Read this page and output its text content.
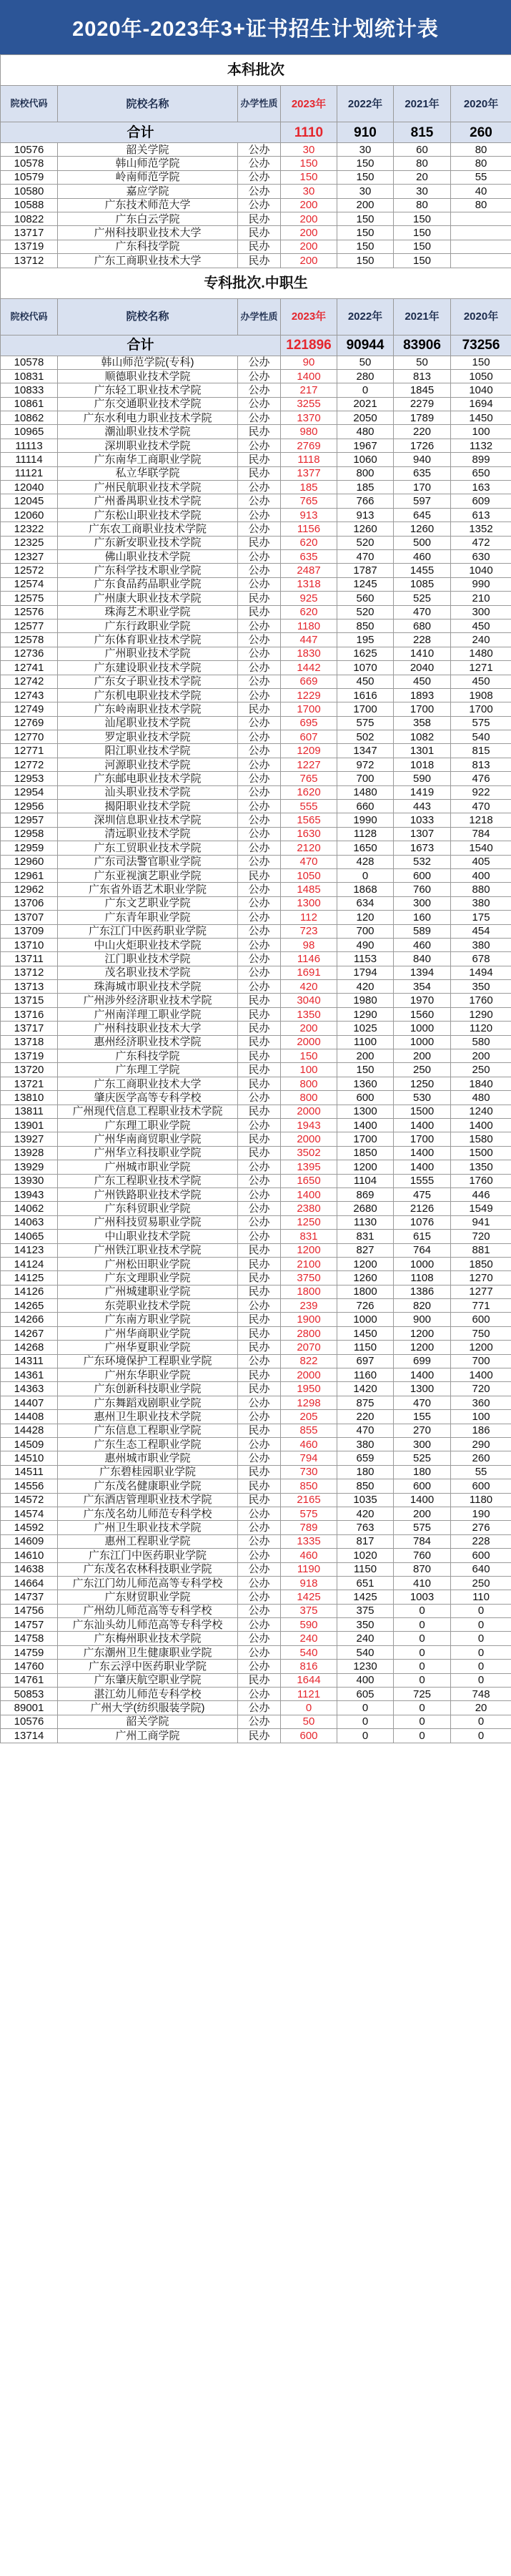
2020年-2023年3+证书招生计划统计表
本科批次						

院校代码	院校名称	办学性质	2023年	2022年	2021年	2020年
合计			1110	910	815	260
10576	韶关学院	公办	30	30	60	80
10578	韩山师范学院	公办	150	150	80	80
10579	岭南师范学院	公办	150	150	20	55
10580	嘉应学院	公办	30	30	30	40
10588	广东技术师范大学	公办	200	200	80	80
10822	广东白云学院	民办	200	150	150	
13717	广州科技职业技术大学	民办	200	150	150	
13719	广东科技学院	民办	200	150	150	
13712	广东工商职业技术大学	民办	200	150	150	
专科批次.中职生						

院校代码	院校名称	办学性质	2023年	2022年	2021年	2020年
合计			121896	90944	83906	73256
10578	韩山师范学院(专科)	公办	90	50	50	150
10831	顺德职业技术学院	公办	1400	280	813	1050
10833	广东轻工职业技术学院	公办	217	0	1845	1040
10861	广东交通职业技术学院	公办	3255	2021	2279	1694
10862	广东水利电力职业技术学院	公办	1370	2050	1789	1450
10965	潮汕职业技术学院	民办	980	480	220	100
11113	深圳职业技术学院	公办	2769	1967	1726	1132
11114	广东南华工商职业学院	民办	1118	1060	940	899
11121	私立华联学院	民办	1377	800	635	650
12040	广州民航职业技术学院	公办	185	185	170	163
12045	广州番禺职业技术学院	公办	765	766	597	609
12060	广东松山职业技术学院	公办	913	913	645	613
12322	广东农工商职业技术学院	公办	1156	1260	1260	1352
12325	广东新安职业技术学院	民办	620	520	500	472
12327	佛山职业技术学院	公办	635	470	460	630
12572	广东科学技术职业学院	公办	2487	1787	1455	1040
12574	广东食品药品职业学院	公办	1318	1245	1085	990
12575	广州康大职业技术学院	民办	925	560	525	210
12576	珠海艺术职业学院	民办	620	520	470	300
12577	广东行政职业学院	公办	1180	850	680	450
12578	广东体育职业技术学院	公办	447	195	228	240
12736	广州职业技术学院	公办	1830	1625	1410	1480
12741	广东建设职业技术学院	公办	1442	1070	2040	1271
12742	广东女子职业技术学院	公办	669	450	450	450
12743	广东机电职业技术学院	公办	1229	1616	1893	1908
12749	广东岭南职业技术学院	民办	1700	1700	1700	1700
12769	汕尾职业技术学院	公办	695	575	358	575
12770	罗定职业技术学院	公办	607	502	1082	540
12771	阳江职业技术学院	公办	1209	1347	1301	815
12772	河源职业技术学院	公办	1227	972	1018	813
12953	广东邮电职业技术学院	公办	765	700	590	476
12954	汕头职业技术学院	公办	1620	1480	1419	922
12956	揭阳职业技术学院	公办	555	660	443	470
12957	深圳信息职业技术学院	公办	1565	1990	1033	1218
12958	清远职业技术学院	公办	1630	1128	1307	784
12959	广东工贸职业技术学院	公办	2120	1650	1673	1540
12960	广东司法警官职业学院	公办	470	428	532	405
12961	广东亚视演艺职业学院	民办	1050	0	600	400
12962	广东省外语艺术职业学院	公办	1485	1868	760	880
13706	广东文艺职业学院	公办	1300	634	300	380
13707	广东青年职业学院	公办	112	120	160	175
13709	广东江门中医药职业学院	公办	723	700	589	454
13710	中山火炬职业技术学院	公办	98	490	460	380
13711	江门职业技术学院	公办	1146	1153	840	678
13712	茂名职业技术学院	公办	1691	1794	1394	1494
13713	珠海城市职业技术学院	公办	420	420	354	350
13715	广州涉外经济职业技术学院	民办	3040	1980	1970	1760
13716	广州南洋理工职业学院	民办	1350	1290	1560	1290
13717	广州科技职业技术大学	民办	200	1025	1000	1120
13718	惠州经济职业技术学院	民办	2000	1100	1000	580
13719	广东科技学院	民办	150	200	200	200
13720	广东理工学院	民办	100	150	250	250
13721	广东工商职业技术大学	民办	800	1360	1250	1840
13810	肇庆医学高等专科学校	公办	800	600	530	480
13811	广州现代信息工程职业技术学院	民办	2000	1300	1500	1240
13901	广东理工职业学院	公办	1943	1400	1400	1400
13927	广州华南商贸职业学院	民办	2000	1700	1700	1580
13928	广州华立科技职业学院	民办	3502	1850	1400	1500
13929	广州城市职业学院	公办	1395	1200	1400	1350
13930	广东工程职业技术学院	公办	1650	1104	1555	1760
13943	广州铁路职业技术学院	公办	1400	869	475	446
14062	广东科贸职业学院	公办	2380	2680	2126	1549
14063	广州科技贸易职业学院	公办	1250	1130	1076	941
14065	中山职业技术学院	公办	831	831	615	720
14123	广州铁江职业技术学院	民办	1200	827	764	881
14124	广州松田职业学院	民办	2100	1200	1000	1850
14125	广东文理职业学院	民办	3750	1260	1108	1270
14126	广州城建职业学院	民办	1800	1800	1386	1277
14265	东莞职业技术学院	公办	239	726	820	771
14266	广东南方职业学院	民办	1900	1000	900	600
14267	广州华商职业学院	民办	2800	1450	1200	750
14268	广州华夏职业学院	民办	2070	1150	1200	1200
14311	广东环境保护工程职业学院	公办	822	697	699	700
14361	广州东华职业学院	民办	2000	1160	1400	1400
14363	广东创新科技职业学院	民办	1950	1420	1300	720
14407	广东舞蹈戏剧职业学院	公办	1298	875	470	360
14408	惠州卫生职业技术学院	公办	205	220	155	100
14428	广东信息工程职业学院	民办	855	470	270	186
14509	广东生态工程职业学院	公办	460	380	300	290
14510	惠州城市职业学院	公办	794	659	525	260
14511	广东碧桂园职业学院	民办	730	180	180	55
14556	广东茂名健康职业学院	民办	850	850	600	600
14572	广东酒店管理职业技术学院	民办	2165	1035	1400	1180
14574	广东茂名幼儿师范专科学校	公办	575	420	200	190
14592	广州卫生职业技术学院	公办	789	763	575	276
14609	惠州工程职业学院	公办	1335	817	784	228
14610	广东江门中医药职业学院	公办	460	1020	760	600
14638	广东茂名农林科技职业学院	公办	1190	1150	870	640
14664	广东江门幼儿师范高等专科学校	公办	918	651	410	250
14737	广东财贸职业学院	公办	1425	1425	1003	110
14756	广州幼儿师范高等专科学校	公办	375	375	0	0
14757	广东汕头幼儿师范高等专科学校	公办	590	350	0	0
14758	广东梅州职业技术学院	公办	240	240	0	0
14759	广东潮州卫生健康职业学院	公办	540	540	0	0
14760	广东云浮中医药职业学院	公办	816	1230	0	0
14761	广东肇庆航空职业学院	民办	1644	400	0	0
50853	湛江幼儿师范专科学校	公办	1121	605	725	748
89001	广州大学(纺织服装学院)	公办	0	0	0	20
10576	韶关学院	公办	50	0	0	0
13714	广州工商学院	民办	600	0	0	0
